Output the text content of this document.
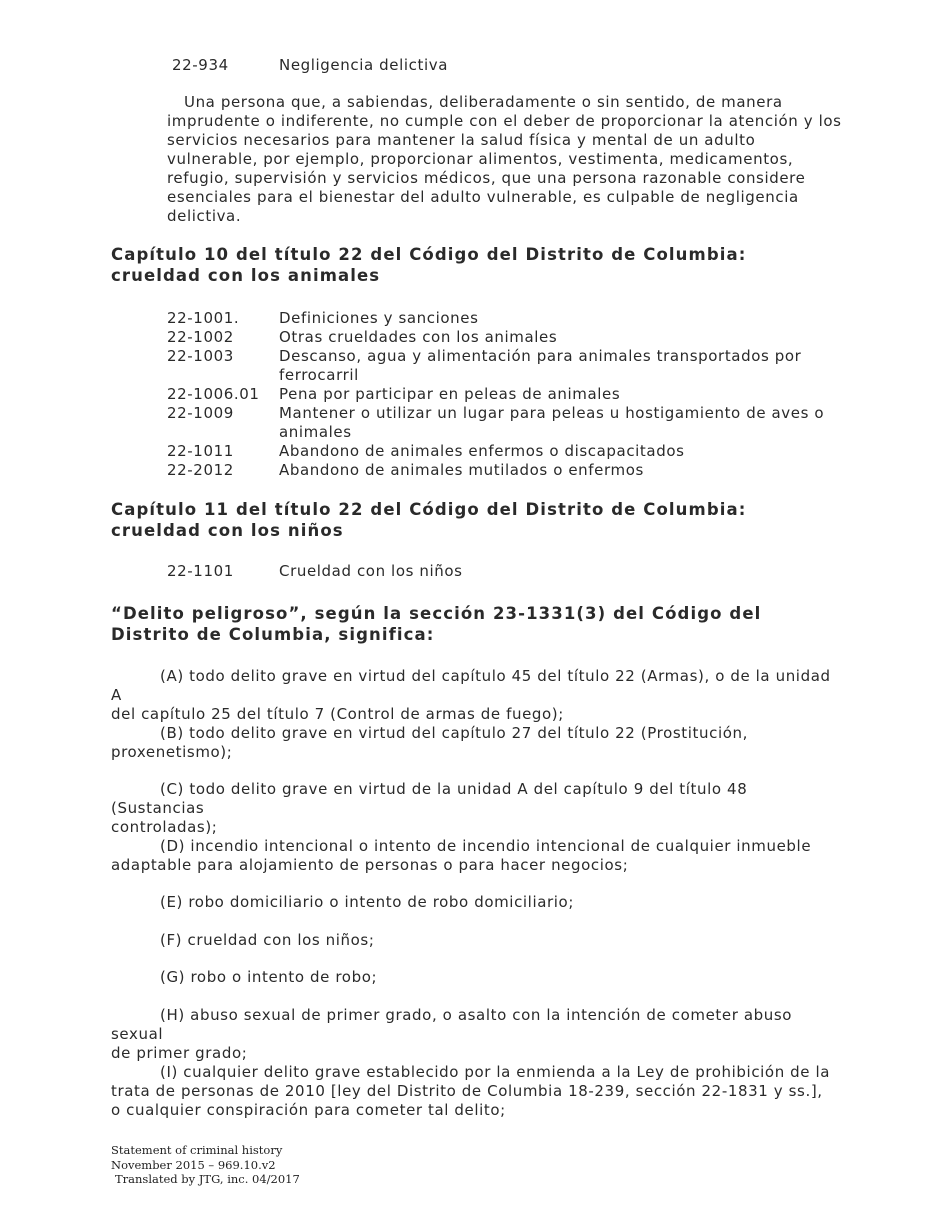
22-934	Negligencia delictiva
Una persona que, a sabiendas, deliberadamente o sin sentido, de manera imprudente o indiferente, no cumple con el deber de proporcionar la atención y los servicios necesarios para mantener la salud física y mental de un adulto vulnerable, por ejemplo, proporcionar alimentos, vestimenta, medicamentos, refugio, supervisión y servicios médicos, que una persona razonable considere esenciales para el bienestar del adulto vulnerable, es culpable de negligencia delictiva.
Capítulo 10 del título 22 del Código del Distrito de Columbia: crueldad con los animales
22-1001.	Definiciones y sanciones
22-1002	Otras crueldades con los animales
22-1003	Descanso, agua y alimentación para animales transportados por ferrocarril
22-1006.01	Pena por participar en peleas de animales
22-1009	Mantener o utilizar un lugar para peleas u hostigamiento de aves o animales
22-1011	Abandono de animales enfermos o discapacitados
22-2012	Abandono de animales mutilados o enfermos
Capítulo 11 del título 22 del Código del Distrito de Columbia: crueldad con los niños
22-1101	Crueldad con los niños
“Delito peligroso”, según la sección 23-1331(3) del Código del Distrito de Columbia, significa:
(A) todo delito grave en virtud del capítulo 45 del título 22 (Armas), o de la unidad A
del capítulo 25 del título 7 (Control de armas de fuego);
(B) todo delito grave en virtud del capítulo 27 del título 22 (Prostitución,
proxenetismo);
(C) todo delito grave en virtud de la unidad A del capítulo 9 del título 48 (Sustancias
controladas);
(D) incendio intencional o intento de incendio intencional de cualquier inmueble
adaptable para alojamiento de personas o para hacer negocios;
(E) robo domiciliario o intento de robo domiciliario;
(F) crueldad con los niños;
(G) robo o intento de robo;
(H) abuso sexual de primer grado, o asalto con la intención de cometer abuso sexual
de primer grado;
(I) cualquier delito grave establecido por la enmienda a la Ley de prohibición de la
trata de personas de 2010 [ley del Distrito de Columbia 18-239, sección 22-1831 y ss.], o cualquier conspiración para cometer tal delito;
Statement of criminal history
November 2015 – 969.10.v2
Translated by JTG, inc. 04/2017
